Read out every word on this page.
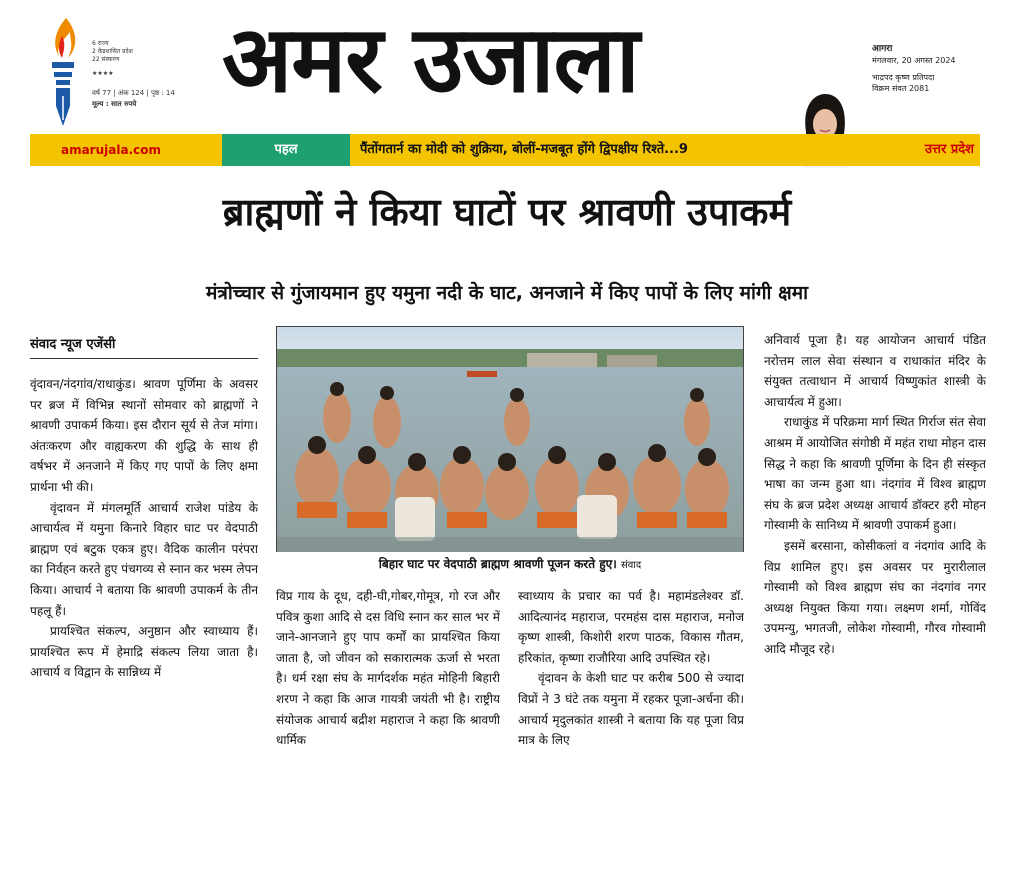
6 राज्य
2 केंद्रशासित प्रदेश
22 संस्करण
★★★★
वर्ष 77 | अंक 124 | पृष्ठ : 14
मूल्य : सात रुपये अमर उजाला	आगरा
मंगलवार, 20 अगस्त 2024
भाद्रपद कृष्ण प्रतिपदा
विक्रम संवत 2081
amarujala.com	पहल	पैंतोंगतार्न का मोदी को शुक्रिया, बोलीं-मजबूत होंगे द्विपक्षीय रिश्ते...9	उत्तर प्रदेश
ब्राह्मणों ने किया घाटों पर श्रावणी उपाकर्म
मंत्रोच्चार से गुंजायमान हुए यमुना नदी के घाट, अनजाने में किए पापों के लिए मांगी क्षमा
संवाद न्यूज एजेंसी

वृंदावन/नंदगांव/राधाकुंड। श्रावण पूर्णिमा के अवसर पर ब्रज में विभिन्न स्थानों सोमवार को ब्राह्मणों ने श्रावणी उपाकर्म किया। इस दौरान सूर्य से तेज मांगा। अंतःकरण और वाह्यकरण की शुद्धि के साथ ही वर्षभर में अनजाने में किए गए पापों के लिए क्षमा प्रार्थना भी की।

वृंदावन में मंगलमूर्ति आचार्य राजेश पांडेय के आचार्यत्व में यमुना किनारे विहार घाट पर वेदपाठी ब्राह्मण एवं बटुक एकत्र हुए। वैदिक कालीन परंपरा का निर्वहन करते हुए पंचगव्य से स्नान कर भस्म लेपन किया। आचार्य ने बताया कि श्रावणी उपाकर्म के तीन पहलू हैं।

प्रायश्चित संकल्प, अनुष्ठान और स्वाध्याय हैं। प्रायश्चित रूप में हेमाद्रि संकल्प लिया जाता है। आचार्य व विद्वान के सान्निध्य में

बिहार घाट पर वेदपाठी ब्राह्मण श्रावणी पूजन करते हुए। संवाद

विप्र गाय के दूध, दही-घी,गोबर,गोमूत्र, गो रज और पवित्र कुशा आदि से दस विधि स्नान कर साल भर में जाने-आनजाने हुए पाप कर्मों का प्रायश्चित किया जाता है, जो जीवन को सकारात्मक ऊर्जा से भरता है। धर्म रक्षा संघ के मार्गदर्शक महंत मोहिनी बिहारी शरण ने कहा कि आज गायत्री जयंती भी है। राष्ट्रीय संयोजक आचार्य बद्रीश महाराज ने कहा कि श्रावणी धार्मिक

स्वाध्याय के प्रचार का पर्व है। महामंडलेश्वर डॉ. आदित्यानंद महाराज, परमहंस दास महाराज, मनोज कृष्ण शास्त्री, किशोरी शरण पाठक, विकास गौतम, हरिकांत, कृष्णा राजौरिया आदि उपस्थित रहे।

वृंदावन के केशी घाट पर करीब 500 से ज्यादा विप्रों ने 3 घंटे तक यमुना में रहकर पूजा-अर्चना की। आचार्य मृदुलकांत शास्त्री ने बताया कि यह पूजा विप्र मात्र के लिए

अनिवार्य पूजा है। यह आयोजन आचार्य पंडित नरोत्तम लाल सेवा संस्थान व राधाकांत मंदिर के संयुक्त तत्वाधान में आचार्य विष्णुकांत शास्त्री के आचार्यत्व में हुआ।

राधाकुंड में परिक्रमा मार्ग स्थित गिर्राज संत सेवा आश्रम में आयोजित संगोष्ठी में महंत राधा मोहन दास सिद्ध ने कहा कि श्रावणी पूर्णिमा के दिन ही संस्कृत भाषा का जन्म हुआ था। नंदगांव में विश्व ब्राह्मण संघ के ब्रज प्रदेश अध्यक्ष आचार्य डॉक्टर हरी मोहन गोस्वामी के सानिध्य में श्रावणी उपाकर्म हुआ।

इसमें बरसाना, कोसीकलां व नंदगांव आदि के विप्र शामिल हुए। इस अवसर पर मुरारीलाल गोस्वामी को विश्व ब्राह्मण संघ का नंदगांव नगर अध्यक्ष नियुक्त किया गया। लक्ष्मण शर्मा, गोविंद उपमन्यु, भगतजी, लोकेश गोस्वामी, गौरव गोस्वामी आदि मौजूद रहे।
